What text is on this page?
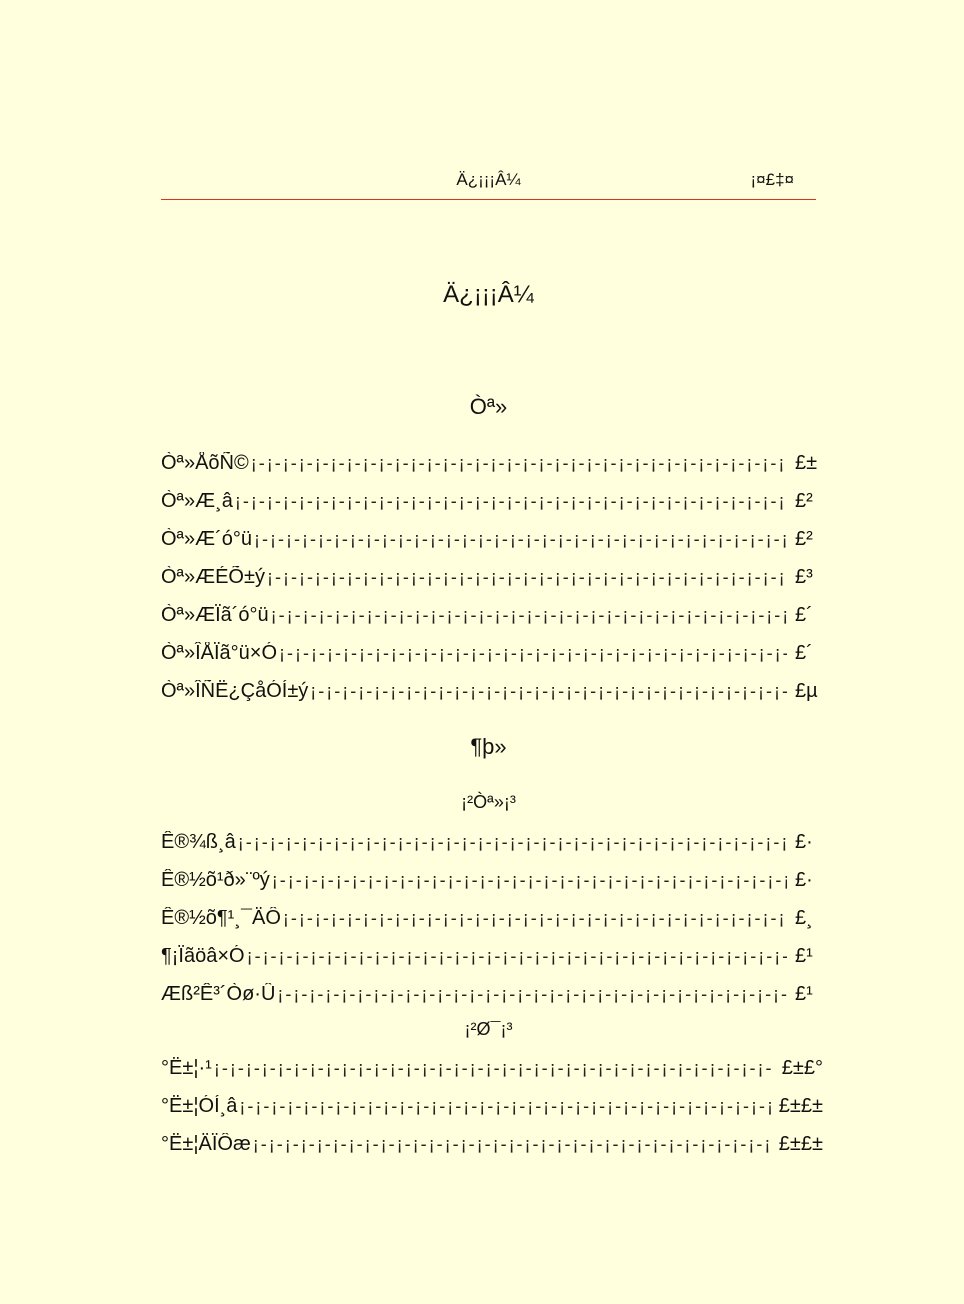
Ä¿¡¡¡Â¼	¡¤£‡¤
Ä¿¡¡¡Â¼
Òª»
Òª»ÅõÑ© ¡-¡-¡-¡-¡-¡-¡-¡-¡-¡-¡-¡-¡-¡-¡-¡-¡-¡-¡-¡-¡-¡-¡-¡-¡-¡-¡-¡-¡-¡-¡-¡-¡-¡-¡-¡-¡-¡-¡-¡-¡-¡-¡-	£±
Òª»Æ¸â ¡-¡-¡-¡-¡-¡-¡-¡-¡-¡-¡-¡-¡-¡-¡-¡-¡-¡-¡-¡-¡-¡-¡-¡-¡-¡-¡-¡-¡-¡-¡-¡-¡-¡-¡-¡-¡-¡-¡-¡-¡-¡-¡-	£²
Òª»Æ´ó°ü ¡-¡-¡-¡-¡-¡-¡-¡-¡-¡-¡-¡-¡-¡-¡-¡-¡-¡-¡-¡-¡-¡-¡-¡-¡-¡-¡-¡-¡-¡-¡-¡-¡-¡-¡-¡-¡-¡-¡-¡-¡-¡-¡-	£²
Òª»ÆÉÕ±ý ¡-¡-¡-¡-¡-¡-¡-¡-¡-¡-¡-¡-¡-¡-¡-¡-¡-¡-¡-¡-¡-¡-¡-¡-¡-¡-¡-¡-¡-¡-¡-¡-¡-¡-¡-¡-¡-¡-¡-¡-¡-¡-¡-	£³
Òª»ÆÏã´ó°ü ¡-¡-¡-¡-¡-¡-¡-¡-¡-¡-¡-¡-¡-¡-¡-¡-¡-¡-¡-¡-¡-¡-¡-¡-¡-¡-¡-¡-¡-¡-¡-¡-¡-¡-¡-¡-¡-¡-¡-¡-¡-¡-¡-	£´
Òª»ÎÅÏã°ü×Ó ¡-¡-¡-¡-¡-¡-¡-¡-¡-¡-¡-¡-¡-¡-¡-¡-¡-¡-¡-¡-¡-¡-¡-¡-¡-¡-¡-¡-¡-¡-¡-¡-¡-¡-¡-¡-¡-¡-¡-¡-¡-¡-¡-	£´
Òª»ÎÑË¿ÇåÓÍ±ý ¡-¡-¡-¡-¡-¡-¡-¡-¡-¡-¡-¡-¡-¡-¡-¡-¡-¡-¡-¡-¡-¡-¡-¡-¡-¡-¡-¡-¡-¡-¡-¡-¡-¡-¡-¡-¡-¡-¡-¡-¡-¡-¡-	£µ
¶þ»
¡²Òª»¡³
Ê®¾ß¸â ¡-¡-¡-¡-¡-¡-¡-¡-¡-¡-¡-¡-¡-¡-¡-¡-¡-¡-¡-¡-¡-¡-¡-¡-¡-¡-¡-¡-¡-¡-¡-¡-¡-¡-¡-¡-¡-¡-¡-¡-¡-¡-¡-	£·
Ê®½õ¹ð»¨ºý ¡-¡-¡-¡-¡-¡-¡-¡-¡-¡-¡-¡-¡-¡-¡-¡-¡-¡-¡-¡-¡-¡-¡-¡-¡-¡-¡-¡-¡-¡-¡-¡-¡-¡-¡-¡-¡-¡-¡-¡-¡-¡-¡-	£·
Ê®½õ¶¹¸¯ÄÔ ¡-¡-¡-¡-¡-¡-¡-¡-¡-¡-¡-¡-¡-¡-¡-¡-¡-¡-¡-¡-¡-¡-¡-¡-¡-¡-¡-¡-¡-¡-¡-¡-¡-¡-¡-¡-¡-¡-¡-¡-¡-¡-¡-	£¸
¶¡Ïãöâ×Ó ¡-¡-¡-¡-¡-¡-¡-¡-¡-¡-¡-¡-¡-¡-¡-¡-¡-¡-¡-¡-¡-¡-¡-¡-¡-¡-¡-¡-¡-¡-¡-¡-¡-¡-¡-¡-¡-¡-¡-¡-¡-¡-¡-	£¹
Æß²Ê³´Òø·Û ¡-¡-¡-¡-¡-¡-¡-¡-¡-¡-¡-¡-¡-¡-¡-¡-¡-¡-¡-¡-¡-¡-¡-¡-¡-¡-¡-¡-¡-¡-¡-¡-¡-¡-¡-¡-¡-¡-¡-¡-¡-¡-¡-	£¹
¡²Ø¯¡³
°Ë±¦·¹ ¡-¡-¡-¡-¡-¡-¡-¡-¡-¡-¡-¡-¡-¡-¡-¡-¡-¡-¡-¡-¡-¡-¡-¡-¡-¡-¡-¡-¡-¡-¡-¡-¡-¡-¡-¡-¡-¡-¡-¡-¡-¡-¡-	£±£°
°Ë±¦ÓÍ¸â ¡-¡-¡-¡-¡-¡-¡-¡-¡-¡-¡-¡-¡-¡-¡-¡-¡-¡-¡-¡-¡-¡-¡-¡-¡-¡-¡-¡-¡-¡-¡-¡-¡-¡-¡-¡-¡-¡-¡-¡-¡-¡-¡-	£±£±
°Ë±¦ÄÏÔæ ¡-¡-¡-¡-¡-¡-¡-¡-¡-¡-¡-¡-¡-¡-¡-¡-¡-¡-¡-¡-¡-¡-¡-¡-¡-¡-¡-¡-¡-¡-¡-¡-¡-¡-¡-¡-¡-¡-¡-¡-¡-¡-¡-	£±£±
